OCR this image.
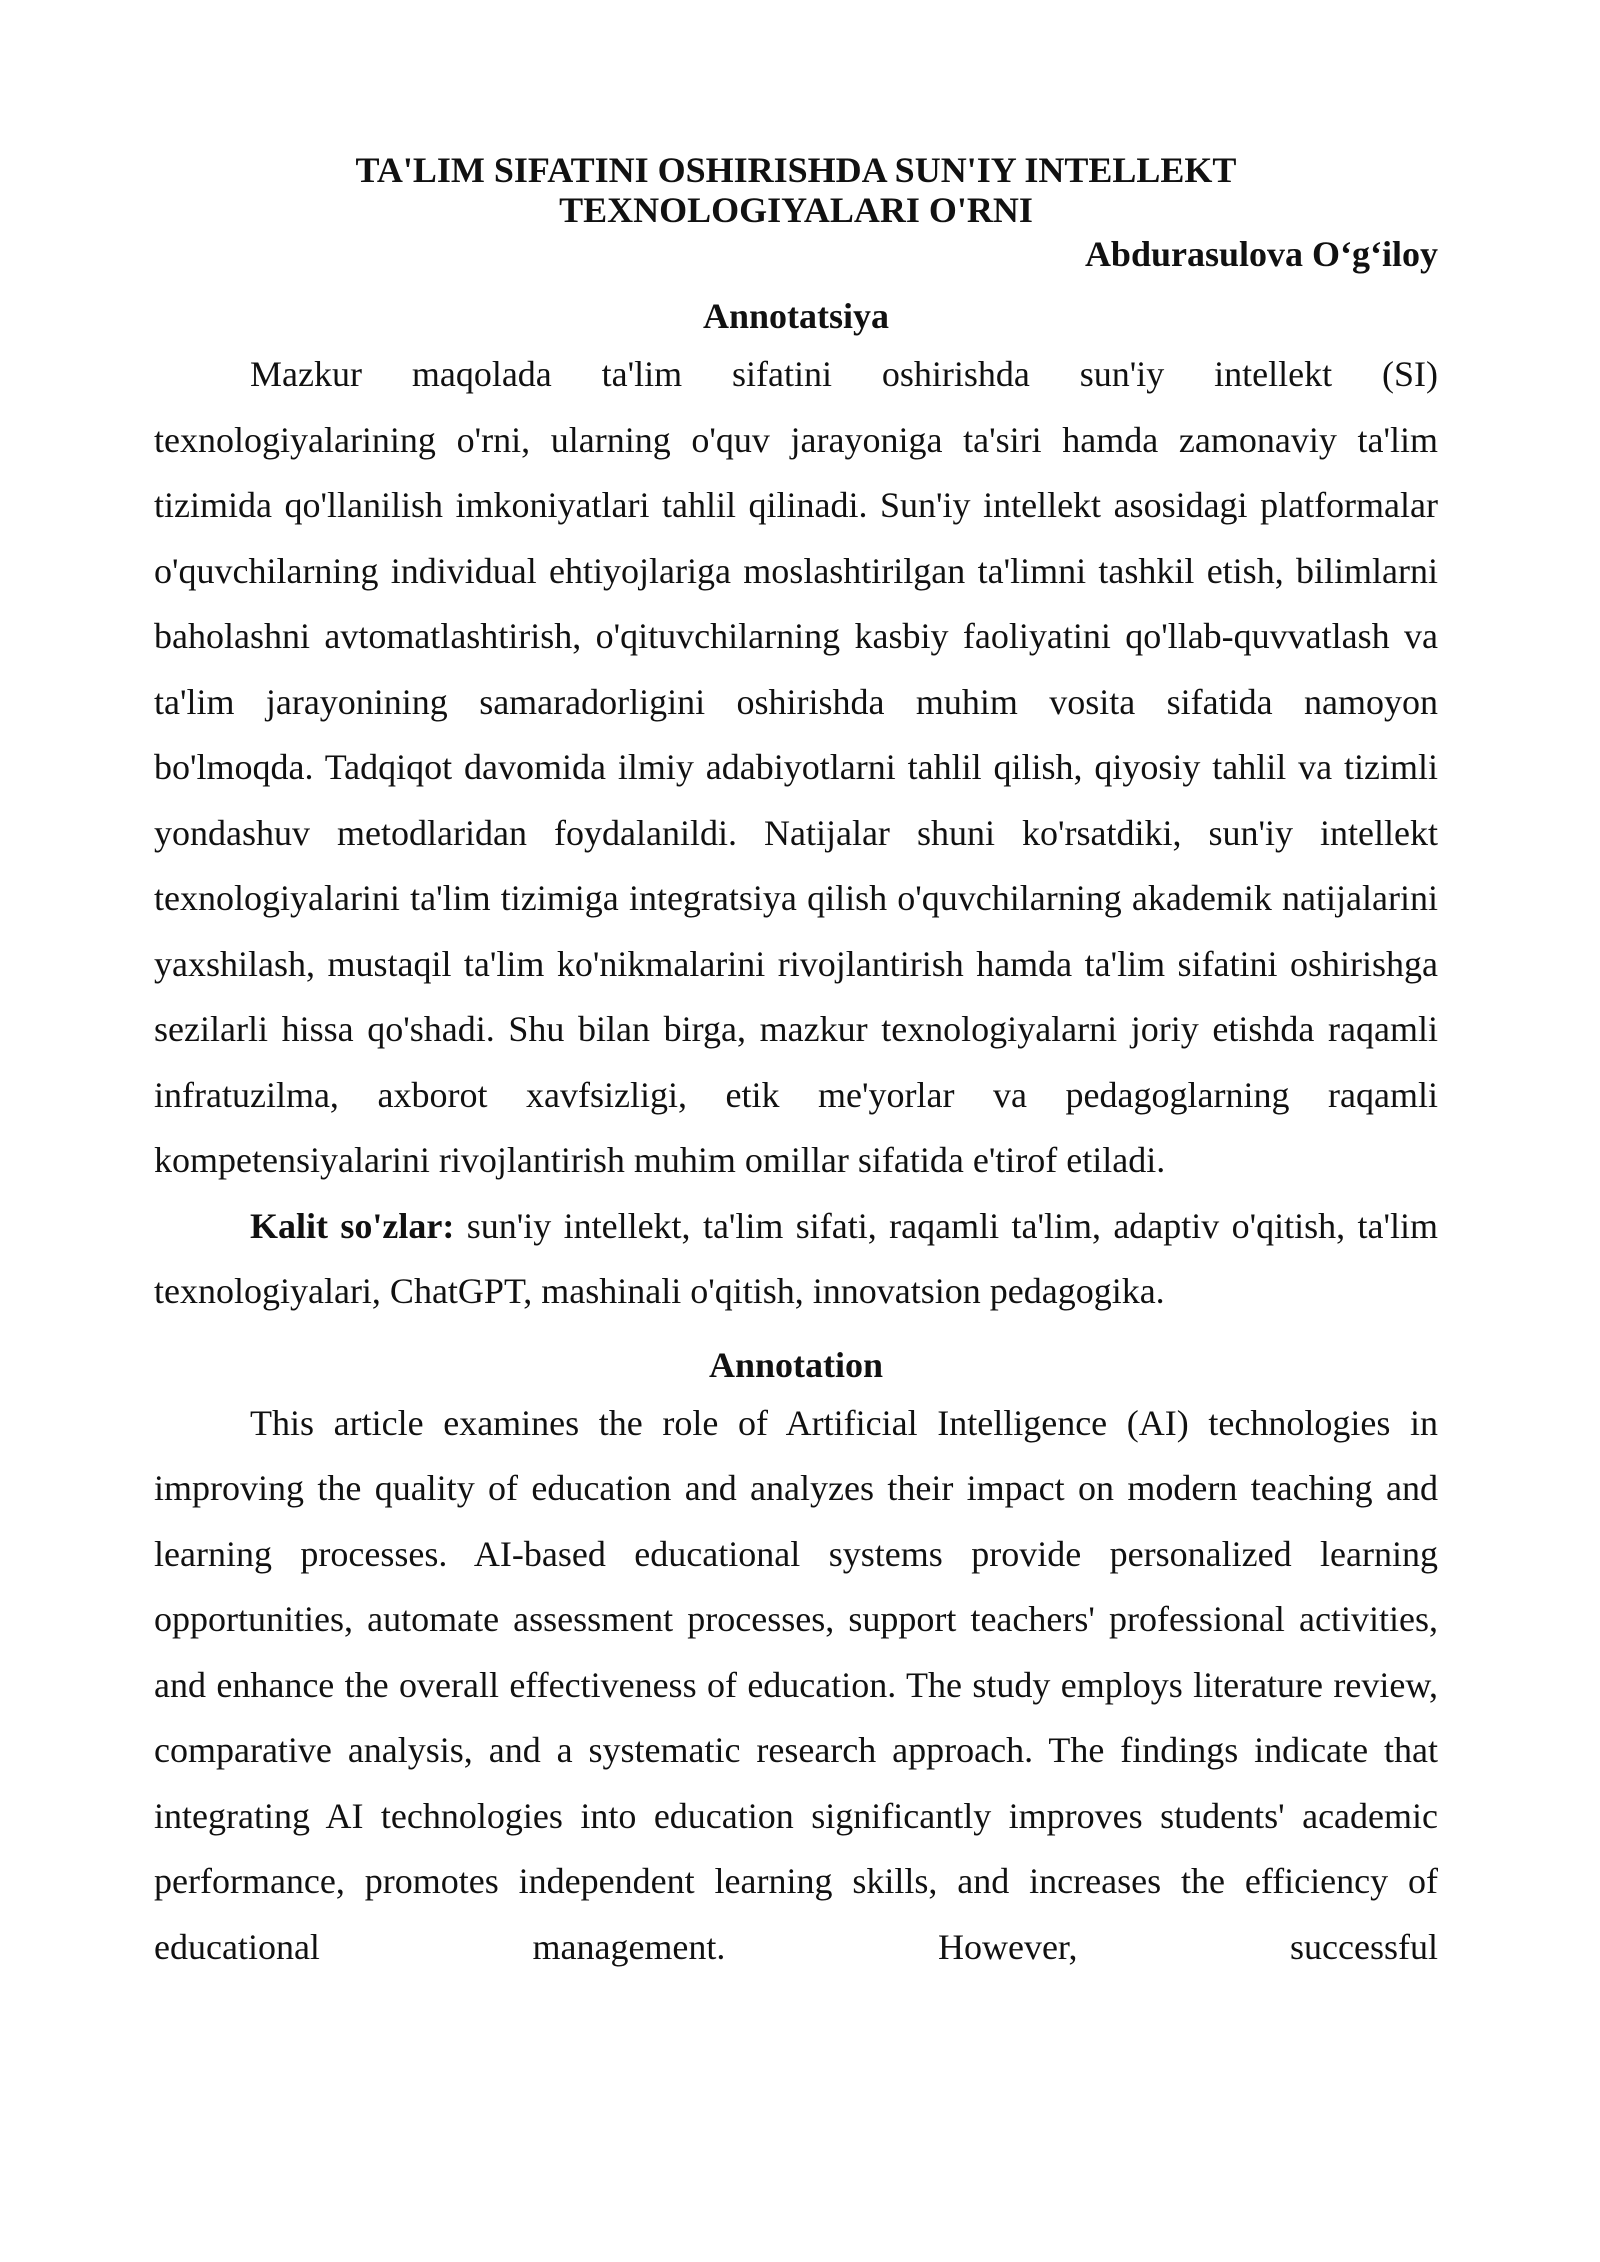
TA'LIM SIFATINI OSHIRISHDA SUN'IY INTELLEKT
TEXNOLOGIYALARI O'RNI

Abdurasulova O‘g‘iloy

Annotatsiya

Mazkur maqolada ta'lim sifatini oshirishda sun'iy intellekt (SI) texnologiyalarining o'rni, ularning o'quv jarayoniga ta'siri hamda zamonaviy ta'lim tizimida qo'llanilish imkoniyatlari tahlil qilinadi. Sun'iy intellekt asosidagi platformalar o'quvchilarning individual ehtiyojlariga moslashtirilgan ta'limni tashkil etish, bilimlarni baholashni avtomatlashtirish, o'qituvchilarning kasbiy faoliyatini qo'llab-quvvatlash va ta'lim jarayonining samaradorligini oshirishda muhim vosita sifatida namoyon bo'lmoqda. Tadqiqot davomida ilmiy adabiyotlarni tahlil qilish, qiyosiy tahlil va tizimli yondashuv metodlaridan foydalanildi. Natijalar shuni ko'rsatdiki, sun'iy intellekt texnologiyalarini ta'lim tizimiga integratsiya qilish o'quvchilarning akademik natijalarini yaxshilash, mustaqil ta'lim ko'nikmalarini rivojlantirish hamda ta'lim sifatini oshirishga sezilarli hissa qo'shadi. Shu bilan birga, mazkur texnologiyalarni joriy etishda raqamli infratuzilma, axborot xavfsizligi, etik me'yorlar va pedagoglarning raqamli kompetensiyalarini rivojlantirish muhim omillar sifatida e'tirof etiladi.

Kalit so'zlar: sun'iy intellekt, ta'lim sifati, raqamli ta'lim, adaptiv o'qitish, ta'lim texnologiyalari, ChatGPT, mashinali o'qitish, innovatsion pedagogika.

Annotation

This article examines the role of Artificial Intelligence (AI) technologies in improving the quality of education and analyzes their impact on modern teaching and learning processes. AI-based educational systems provide personalized learning opportunities, automate assessment processes, support teachers' professional activities, and enhance the overall effectiveness of education. The study employs literature review, comparative analysis, and a systematic research approach. The findings indicate that integrating AI technologies into education significantly improves students' academic performance, promotes independent learning skills, and increases the efficiency of educational management. However, successful
